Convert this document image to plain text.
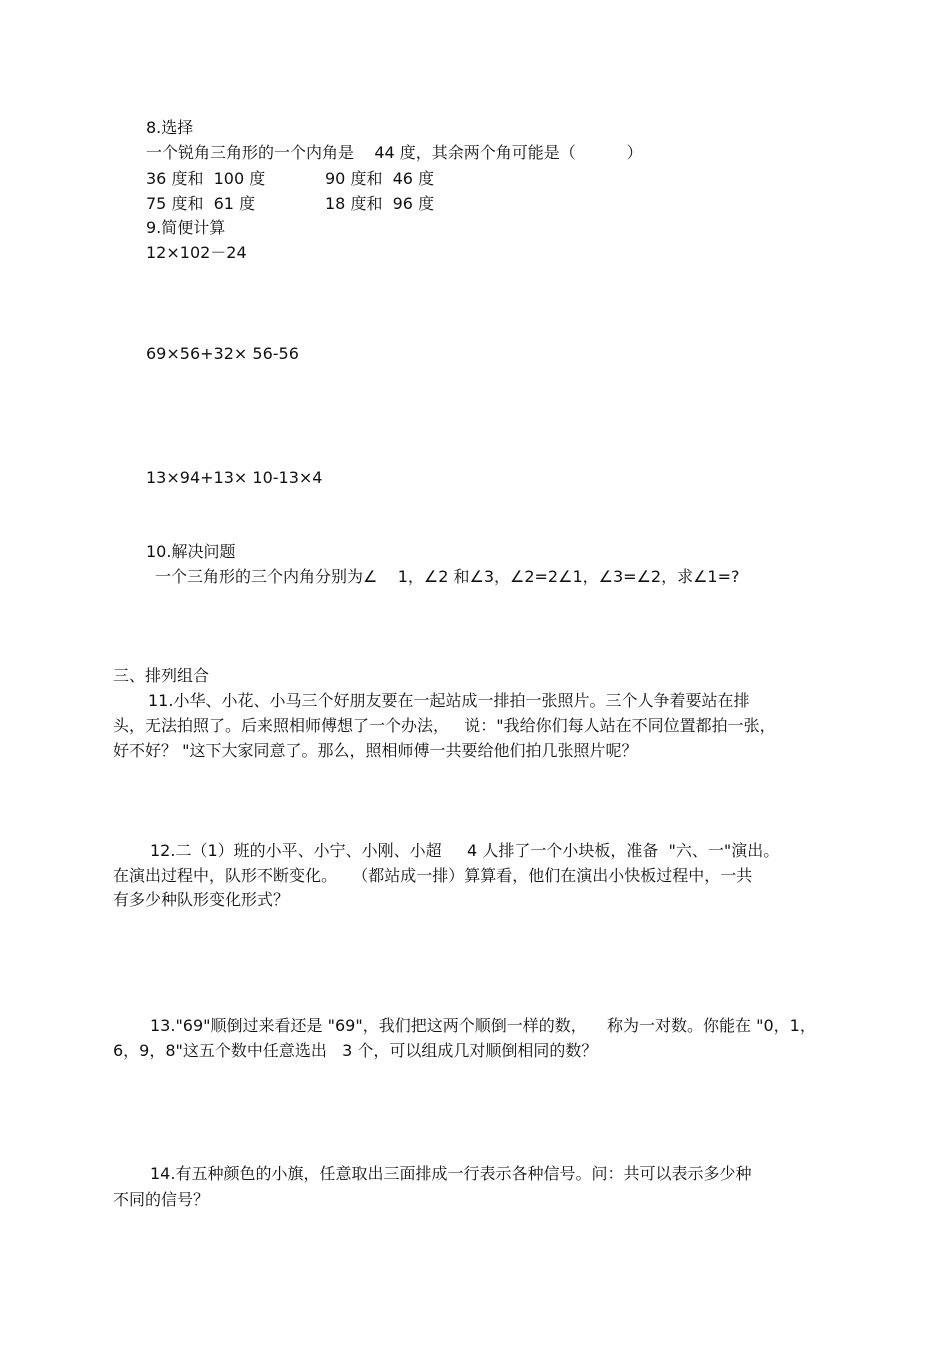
8.选择
一个锐角三角形的一个内角是    44 度，其余两个角可能是（          ）
36 度和  100 度	90 度和  46 度
75 度和  61 度	18 度和  96 度
9.简便计算
12×102－24
69×56+32× 56-56
13×94+13× 10-13×4
10.解决问题
一个三角形的三个内角分别为∠    1，∠2 和∠3，∠2=2∠1，∠3=∠2，求∠1=?
三、排列组合
11.小华、小花、小马三个好朋友要在一起站成一排拍一张照片。三个人争着要站在排
头，无法拍照了。后来照相师傅想了一个办法，   说："我给你们每人站在不同位置都拍一张，
好不好？ "这下大家同意了。那么，照相师傅一共要给他们拍几张照片呢？
12.二（1）班的小平、小宁、小刚、小超     4 人排了一个小块板，准备  "六、一"演出。
在演出过程中，队形不断变化。   （都站成一排）算算看，他们在演出小快板过程中，一共
有多少种队形变化形式？
13."69"顺倒过来看还是 "69"，我们把这两个顺倒一样的数，    称为一对数。你能在 "0，1，
6，9，8"这五个数中任意选出   3 个，可以组成几对顺倒相同的数？
14.有五种颜色的小旗，任意取出三面排成一行表示各种信号。问：共可以表示多少种
不同的信号？
